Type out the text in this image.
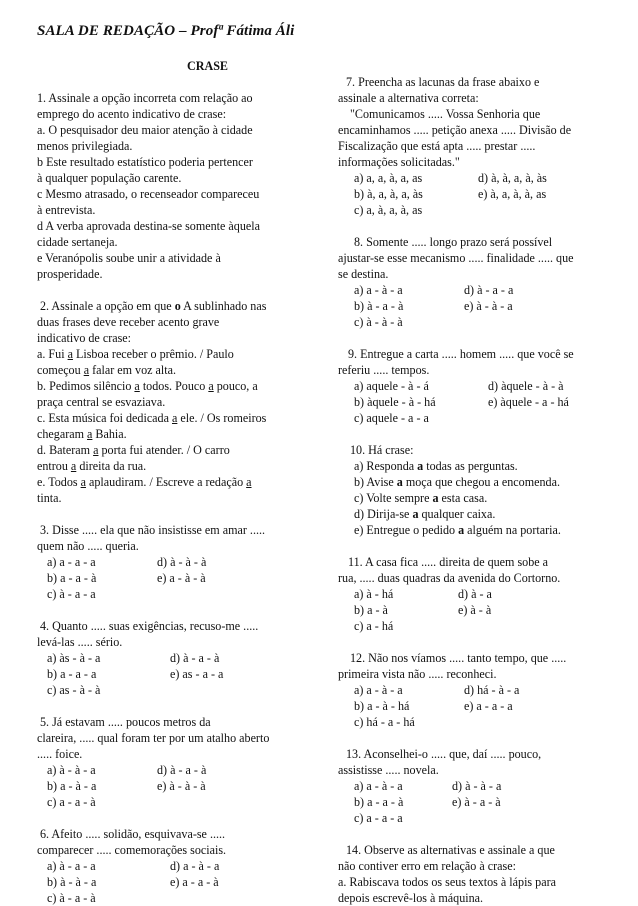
SALA DE REDAÇÃO – Profª Fátima Áli
CRASE
1. Assinale a opção incorreta com relação ao
emprego do acento indicativo de crase:
a. O pesquisador deu maior atenção à cidade
menos privilegiada.
b Este resultado estatístico poderia pertencer
à qualquer população carente.
c Mesmo atrasado, o recenseador compareceu
à entrevista.
d A verba aprovada destina-se somente àquela
cidade sertaneja.
e Veranópolis soube unir a atividade à
prosperidade.
2. Assinale a opção em que o A sublinhado nas
duas frases deve receber acento grave
indicativo de crase:
a. Fui a Lisboa receber o prêmio. / Paulo
começou a falar em voz alta.
b. Pedimos silêncio a todos. Pouco a pouco, a
praça central se esvaziava.
c. Esta música foi dedicada a ele. / Os romeiros
chegaram a Bahia.
d. Bateram a porta fui atender. / O carro
entrou a direita da rua.
e. Todos a aplaudiram. / Escreve a redação a
tinta.
3. Disse ..... ela que não insistisse em amar .....
quem não ..... queria.
a) a - a - a	d) à - à - à
b) a - a - à	e) a - à - à
c) à - a - a
4. Quanto ..... suas exigências, recuso-me .....
levá-las ..... sério.
a) às - à - a	d) à - a - à
b) a - a - a	e) as - a - a
c) as - à - à
5. Já estavam ..... poucos metros da
clareira, ..... qual foram ter por um atalho aberto
..... foice.
a) à - à - a	d) à - a - à
b) a - à - a	e) à - à - à
c) a - a - à
6. Afeito ..... solidão, esquivava-se .....
comparecer ..... comemorações sociais.
a) à - a - a	d) a - à - a
b) à - à - a	e) a - a - à
c) à - a - à
7. Preencha as lacunas da frase abaixo e
assinale a alternativa correta:
"Comunicamos ..... Vossa Senhoria que
encaminhamos ..... petição anexa ..... Divisão de
Fiscalização que está apta ..... prestar .....
informações solicitadas."
a) a, a, à, a, as	d) à, à, a, à, às
b) à, a, à, a, às	e) à, a, à, à, as
c) a, à, a, à, as
8. Somente ..... longo prazo será possível
ajustar-se esse mecanismo ..... finalidade ..... que
se destina.
a) a - à - a	d) à - a - a
b) à - a - à	e) à - à - a
c) à - à - à
9. Entregue a carta ..... homem ..... que você se
referiu ..... tempos.
a) aquele - à - á	d) àquele - à - à
b) àquele - à - há	e) àquele - a - há
c) aquele - a - a
10. Há crase:
a) Responda a todas as perguntas.
b) Avise a moça que chegou a encomenda.
c) Volte sempre a esta casa.
d) Dirija-se a qualquer caixa.
e) Entregue o pedido a alguém na portaria.
11. A casa fica ..... direita de quem sobe a
rua, ..... duas quadras da avenida do Cortorno.
a) à - há	d) à - a
b) a - à	e) à - à
c) a - há
12. Não nos víamos ..... tanto tempo, que .....
primeira vista não ..... reconheci.
a) a - à - a	d) há - à - a
b) a - à - há	e) a - a - a
c) há - a - há
13. Aconselhei-o ..... que, daí ..... pouco,
assistisse ..... novela.
a) a - à - a	d) à - à - a
b) a - a - à	e) à - a - à
c) a - a - a
14. Observe as alternativas e assinale a que
não contiver erro em relação à crase:
a. Rabiscava todos os seus textos à lápis para
depois escrevê-los à máquina.
